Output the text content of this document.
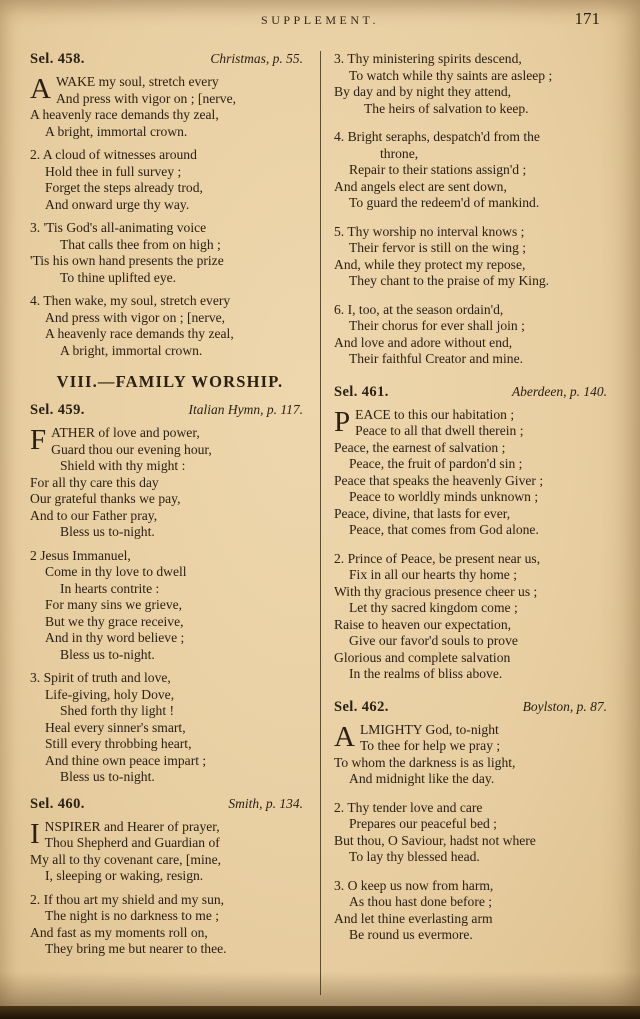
SUPPLEMENT.	171
Sel. 458.	Christmas, p. 55.
A WAKE my soul, stretch every
And press with vigor on ; [nerve,
A heavenly race demands thy zeal,
A bright, immortal crown.
2. A cloud of witnesses around
Hold thee in full survey ;
Forget the steps already trod,
And onward urge thy way.
3. 'Tis God's all-animating voice
That calls thee from on high ;
'Tis his own hand presents the prize
To thine uplifted eye.
4. Then wake, my soul, stretch every
And press with vigor on ; [nerve,
A heavenly race demands thy zeal,
A bright, immortal crown.
VIII.—FAMILY WORSHIP.
Sel. 459.	Italian Hymn, p. 117.
F ATHER of love and power,
Guard thou our evening hour,
Shield with thy might :
For all thy care this day
Our grateful thanks we pay,
And to our Father pray,
Bless us to-night.
2 Jesus Immanuel,
Come in thy love to dwell
In hearts contrite :
For many sins we grieve,
But we thy grace receive,
And in thy word believe ;
Bless us to-night.
3. Spirit of truth and love,
Life-giving, holy Dove,
Shed forth thy light !
Heal every sinner's smart,
Still every throbbing heart,
And thine own peace impart ;
Bless us to-night.
Sel. 460.	Smith, p. 134.
I NSPIRER and Hearer of prayer,
Thou Shepherd and Guardian of
My all to thy covenant care, [mine,
I, sleeping or waking, resign.
2. If thou art my shield and my sun,
The night is no darkness to me ;
And fast as my moments roll on,
They bring me but nearer to thee.
3. Thy ministering spirits descend,
To watch while thy saints are asleep ;
By day and by night they attend,
The heirs of salvation to keep.
4. Bright seraphs, despatch'd from the
throne,
Repair to their stations assign'd ;
And angels elect are sent down,
To guard the redeem'd of mankind.
5. Thy worship no interval knows ;
Their fervor is still on the wing ;
And, while they protect my repose,
They chant to the praise of my King.
6. I, too, at the season ordain'd,
Their chorus for ever shall join ;
And love and adore without end,
Their faithful Creator and mine.
Sel. 461.	Aberdeen, p. 140.
P EACE to this our habitation ;
Peace to all that dwell therein ;
Peace, the earnest of salvation ;
Peace, the fruit of pardon'd sin ;
Peace that speaks the heavenly Giver ;
Peace to worldly minds unknown ;
Peace, divine, that lasts for ever,
Peace, that comes from God alone.
2. Prince of Peace, be present near us,
Fix in all our hearts thy home ;
With thy gracious presence cheer us ;
Let thy sacred kingdom come ;
Raise to heaven our expectation,
Give our favor'd souls to prove
Glorious and complete salvation
In the realms of bliss above.
Sel. 462.	Boylston, p. 87.
A LMIGHTY God, to-night
To thee for help we pray ;
To whom the darkness is as light,
And midnight like the day.
2. Thy tender love and care
Prepares our peaceful bed ;
But thou, O Saviour, hadst not where
To lay thy blessed head.
3. O keep us now from harm,
As thou hast done before ;
And let thine everlasting arm
Be round us evermore.
